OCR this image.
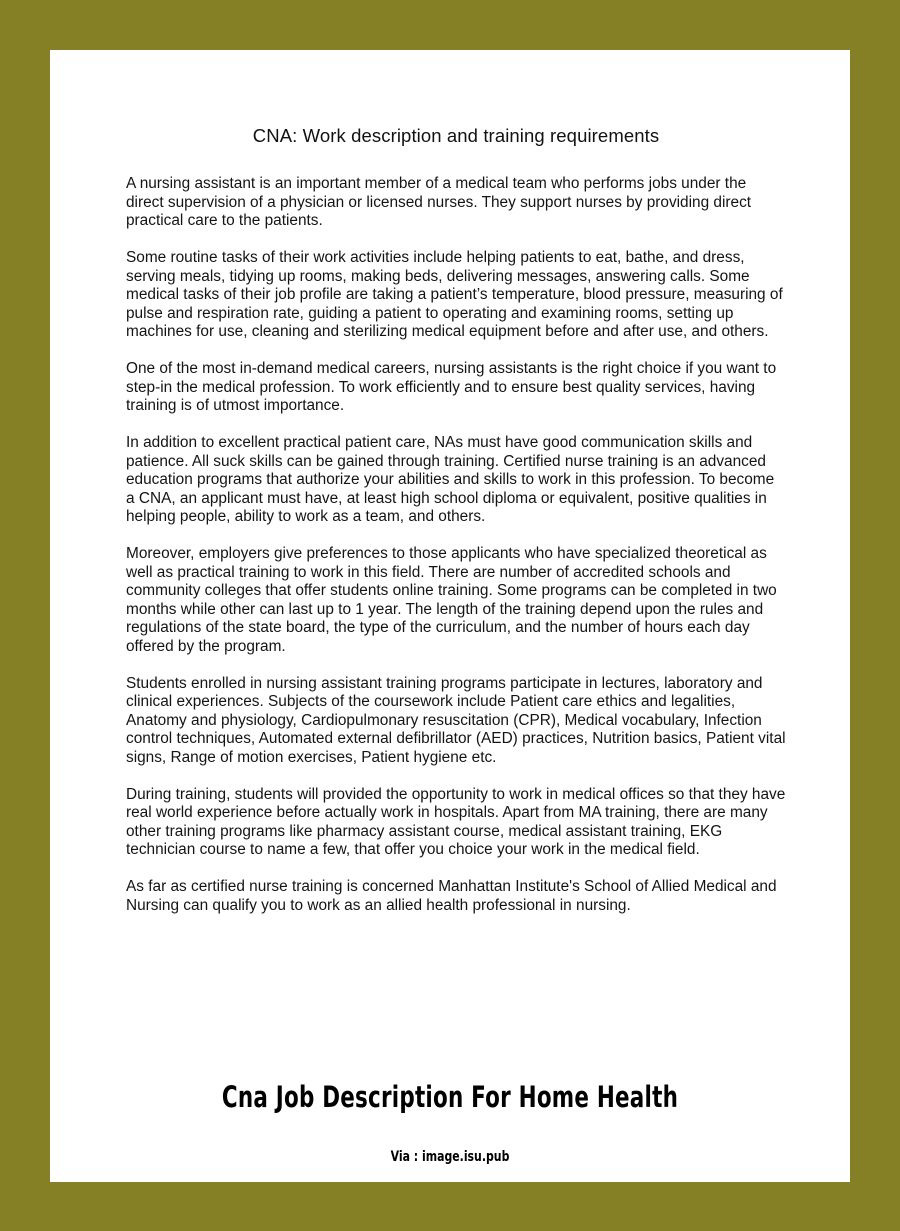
CNA: Work description and training requirements

A nursing assistant is an important member of a medical team who performs jobs under the direct supervision of a physician or licensed nurses. They support nurses by providing direct practical care to the patients.

Some routine tasks of their work activities include helping patients to eat, bathe, and dress, serving meals, tidying up rooms, making beds, delivering messages, answering calls. Some medical tasks of their job profile are taking a patient’s temperature, blood pressure, measuring of pulse and respiration rate, guiding a patient to operating and examining rooms, setting up machines for use, cleaning and sterilizing medical equipment before and after use, and others.

One of the most in-demand medical careers, nursing assistants is the right choice if you want to step-in the medical profession. To work efficiently and to ensure best quality services, having training is of utmost importance.

In addition to excellent practical patient care, NAs must have good communication skills and patience. All suck skills can be gained through training. Certified nurse training is an advanced education programs that authorize your abilities and skills to work in this profession. To become a CNA, an applicant must have, at least high school diploma or equivalent, positive qualities in helping people, ability to work as a team, and others.

Moreover, employers give preferences to those applicants who have specialized theoretical as well as practical training to work in this field. There are number of accredited schools and community colleges that offer students online training. Some programs can be completed in two months while other can last up to 1 year. The length of the training depend upon the rules and regulations of the state board, the type of the curriculum, and the number of hours each day offered by the program.

Students enrolled in nursing assistant training programs participate in lectures, laboratory and clinical experiences. Subjects of the coursework include Patient care ethics and legalities, Anatomy and physiology, Cardiopulmonary resuscitation (CPR), Medical vocabulary, Infection control techniques, Automated external defibrillator (AED) practices, Nutrition basics, Patient vital signs, Range of motion exercises, Patient hygiene etc.

During training, students will provided the opportunity to work in medical offices so that they have real world experience before actually work in hospitals. Apart from MA training, there are many other training programs like pharmacy assistant course, medical assistant training, EKG technician course to name a few, that offer you choice your work in the medical field.

As far as certified nurse training is concerned Manhattan Institute's School of Allied Medical and Nursing can qualify you to work as an allied health professional in nursing.

Cna Job Description For Home Health
Via : image.isu.pub
